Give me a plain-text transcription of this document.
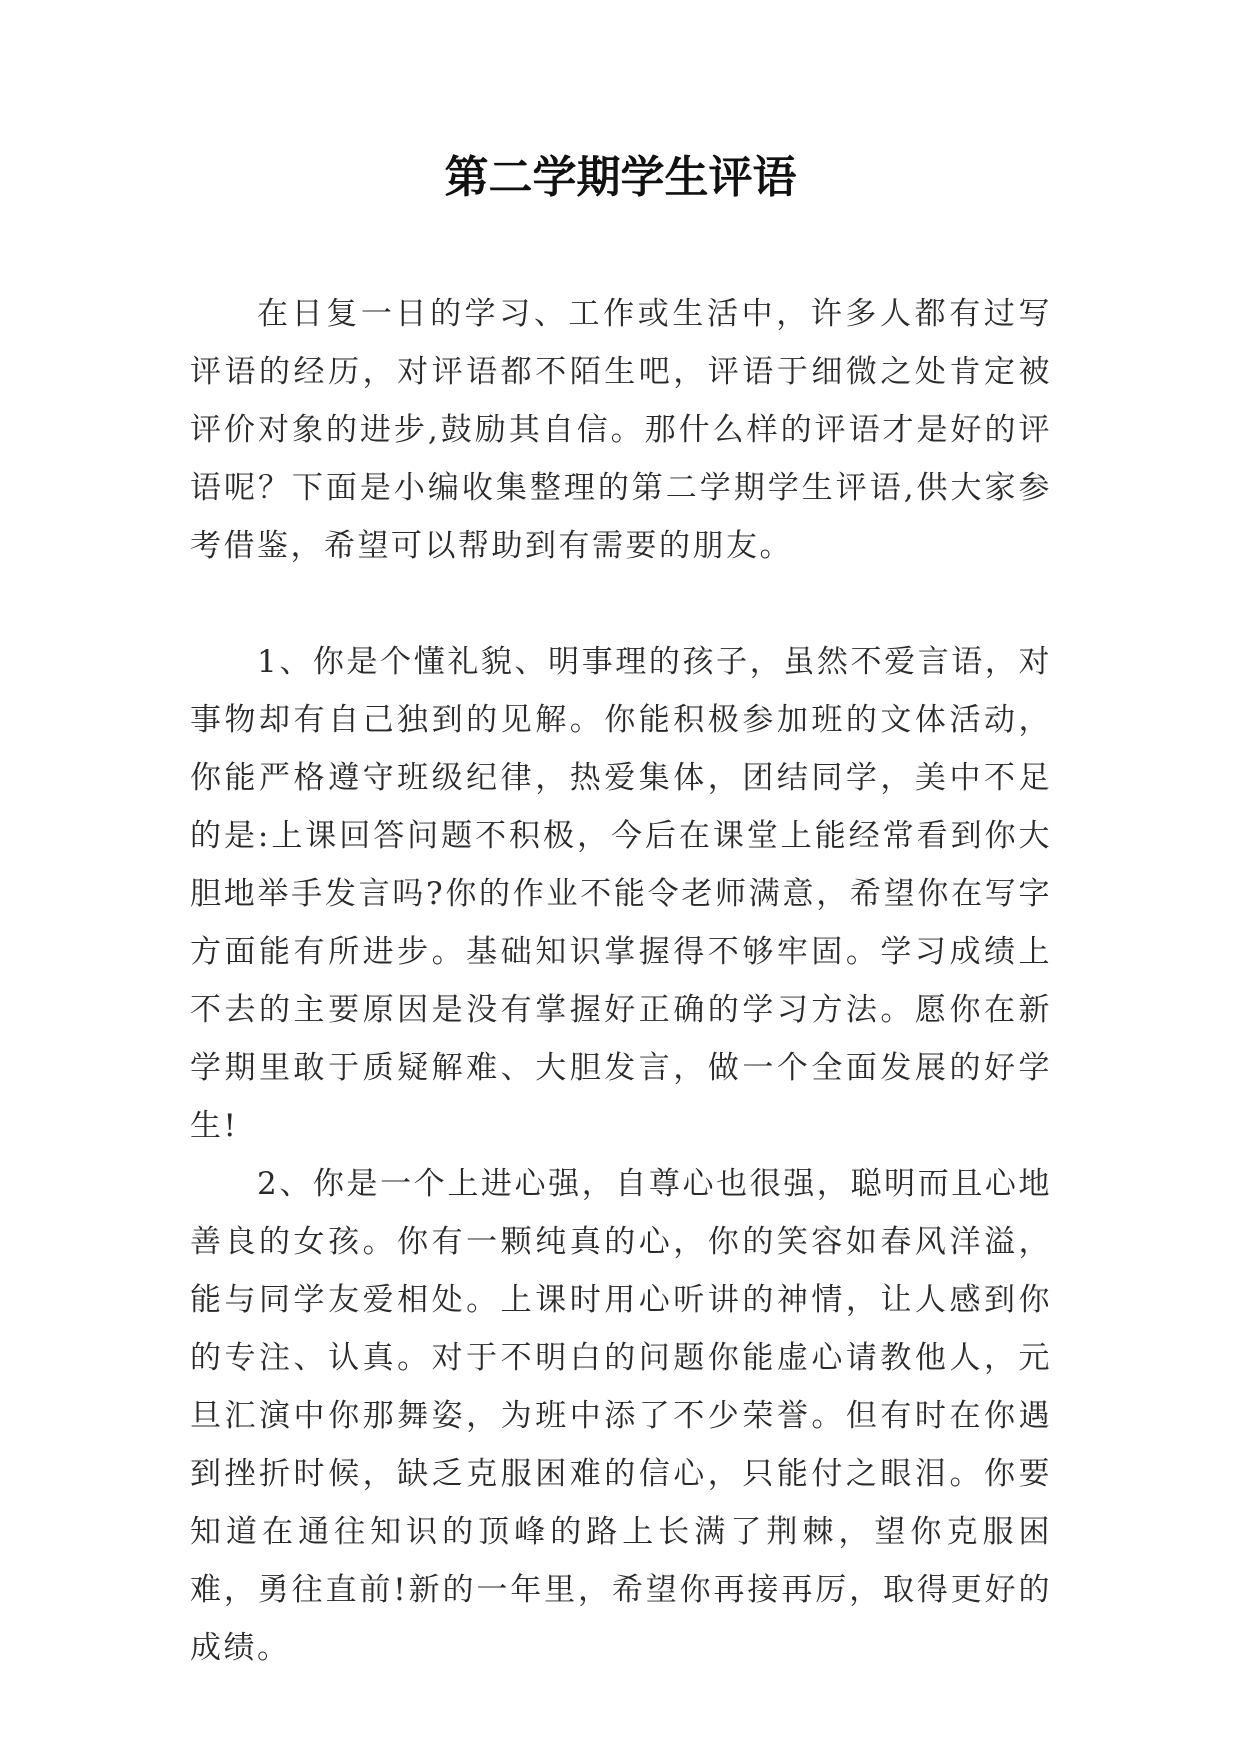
第二学期学生评语

在日复一日的学习、工作或生活中，许多人都有过写评语的经历，对评语都不陌生吧，评语于细微之处肯定被评价对象的进步,鼓励其自信。那什么样的评语才是好的评语呢？下面是小编收集整理的第二学期学生评语,供大家参考借鉴，希望可以帮助到有需要的朋友。

1、你是个懂礼貌、明事理的孩子，虽然不爱言语，对事物却有自己独到的见解。你能积极参加班的文体活动，你能严格遵守班级纪律，热爱集体，团结同学，美中不足的是:上课回答问题不积极，今后在课堂上能经常看到你大胆地举手发言吗?你的作业不能令老师满意，希望你在写字方面能有所进步。基础知识掌握得不够牢固。学习成绩上不去的主要原因是没有掌握好正确的学习方法。愿你在新学期里敢于质疑解难、大胆发言，做一个全面发展的好学生!

2、你是一个上进心强，自尊心也很强，聪明而且心地善良的女孩。你有一颗纯真的心，你的笑容如春风洋溢，能与同学友爱相处。上课时用心听讲的神情，让人感到你的专注、认真。对于不明白的问题你能虚心请教他人，元旦汇演中你那舞姿，为班中添了不少荣誉。但有时在你遇到挫折时候，缺乏克服困难的信心，只能付之眼泪。你要知道在通往知识的顶峰的路上长满了荆棘，望你克服困难，勇往直前!新的一年里，希望你再接再厉，取得更好的成绩。
